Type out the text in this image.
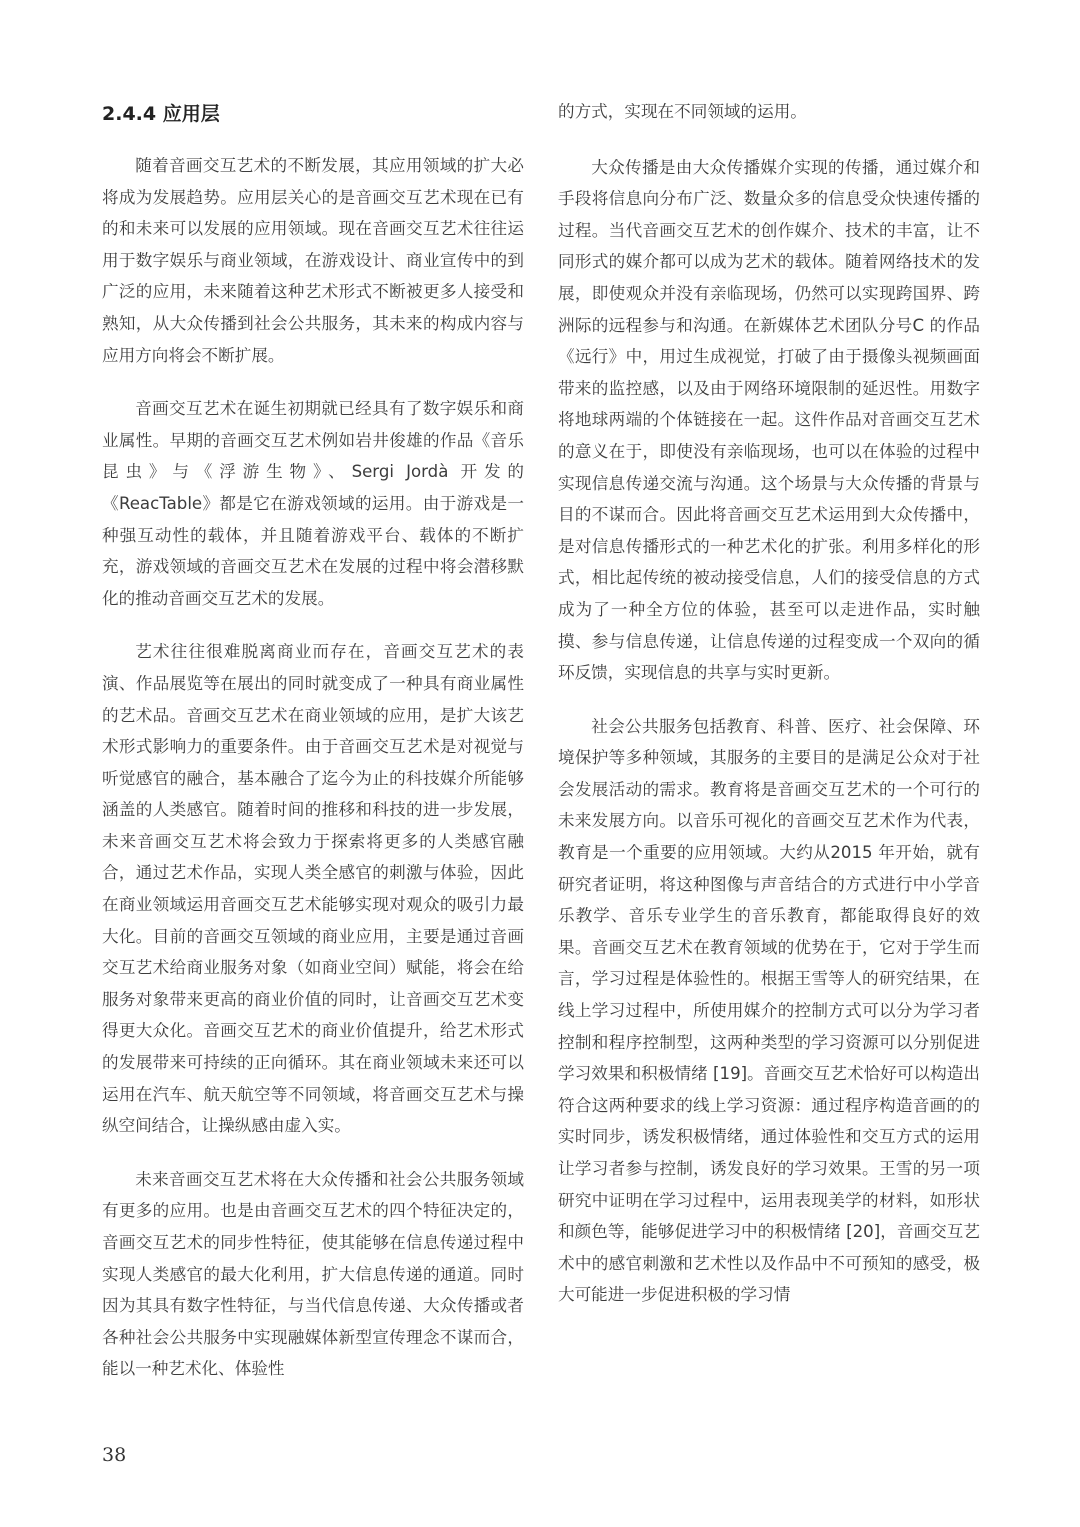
2.4.4 应用层

随着音画交互艺术的不断发展，其应用领域的扩大必将成为发展趋势。应用层关心的是音画交互艺术现在已有的和未来可以发展的应用领域。现在音画交互艺术往往运用于数字娱乐与商业领域，在游戏设计、商业宣传中的到广泛的应用，未来随着这种艺术形式不断被更多人接受和熟知，从大众传播到社会公共服务，其未来的构成内容与应用方向将会不断扩展。

音画交互艺术在诞生初期就已经具有了数字娱乐和商业属性。早期的音画交互艺术例如岩井俊雄的作品《音乐昆虫》与《浮游生物》、Sergi Jordà 开发的《ReacTable》都是它在游戏领域的运用。由于游戏是一种强互动性的载体，并且随着游戏平台、载体的不断扩充，游戏领域的音画交互艺术在发展的过程中将会潜移默化的推动音画交互艺术的发展。

艺术往往很难脱离商业而存在，音画交互艺术的表演、作品展览等在展出的同时就变成了一种具有商业属性的艺术品。音画交互艺术在商业领域的应用，是扩大该艺术形式影响力的重要条件。由于音画交互艺术是对视觉与听觉感官的融合，基本融合了迄今为止的科技媒介所能够涵盖的人类感官。随着时间的推移和科技的进一步发展，未来音画交互艺术将会致力于探索将更多的人类感官融合，通过艺术作品，实现人类全感官的刺激与体验，因此在商业领域运用音画交互艺术能够实现对观众的吸引力最大化。目前的音画交互领域的商业应用，主要是通过音画交互艺术给商业服务对象（如商业空间）赋能，将会在给服务对象带来更高的商业价值的同时，让音画交互艺术变得更大众化。音画交互艺术的商业价值提升，给艺术形式的发展带来可持续的正向循环。其在商业领域未来还可以运用在汽车、航天航空等不同领域，将音画交互艺术与操纵空间结合，让操纵感由虚入实。

未来音画交互艺术将在大众传播和社会公共服务领域有更多的应用。也是由音画交互艺术的四个特征决定的，音画交互艺术的同步性特征，使其能够在信息传递过程中实现人类感官的最大化利用，扩大信息传递的通道。同时因为其具有数字性特征，与当代信息传递、大众传播或者各种社会公共服务中实现融媒体新型宣传理念不谋而合，能以一种艺术化、体验性

的方式，实现在不同领域的运用。

大众传播是由大众传播媒介实现的传播，通过媒介和手段将信息向分布广泛、数量众多的信息受众快速传播的过程。当代音画交互艺术的创作媒介、技术的丰富，让不同形式的媒介都可以成为艺术的载体。随着网络技术的发展，即使观众并没有亲临现场，仍然可以实现跨国界、跨洲际的远程参与和沟通。在新媒体艺术团队分号C 的作品《远行》中，用过生成视觉，打破了由于摄像头视频画面带来的监控感，以及由于网络环境限制的延迟性。用数字将地球两端的个体链接在一起。这件作品对音画交互艺术的意义在于，即使没有亲临现场，也可以在体验的过程中实现信息传递交流与沟通。这个场景与大众传播的背景与目的不谋而合。因此将音画交互艺术运用到大众传播中，是对信息传播形式的一种艺术化的扩张。利用多样化的形式，相比起传统的被动接受信息，人们的接受信息的方式成为了一种全方位的体验，甚至可以走进作品，实时触摸、参与信息传递，让信息传递的过程变成一个双向的循环反馈，实现信息的共享与实时更新。

社会公共服务包括教育、科普、医疗、社会保障、环境保护等多种领域，其服务的主要目的是满足公众对于社会发展活动的需求。教育将是音画交互艺术的一个可行的未来发展方向。以音乐可视化的音画交互艺术作为代表，教育是一个重要的应用领域。大约从2015 年开始，就有研究者证明，将这种图像与声音结合的方式进行中小学音乐教学、音乐专业学生的音乐教育，都能取得良好的效果。音画交互艺术在教育领域的优势在于，它对于学生而言，学习过程是体验性的。根据王雪等人的研究结果，在线上学习过程中，所使用媒介的控制方式可以分为学习者控制和程序控制型，这两种类型的学习资源可以分别促进学习效果和积极情绪 [19]。音画交互艺术恰好可以构造出符合这两种要求的线上学习资源：通过程序构造音画的的实时同步，诱发积极情绪，通过体验性和交互方式的运用让学习者参与控制，诱发良好的学习效果。王雪的另一项研究中证明在学习过程中，运用表现美学的材料，如形状和颜色等，能够促进学习中的积极情绪 [20]，音画交互艺术中的感官刺激和艺术性以及作品中不可预知的感受，极大可能进一步促进积极的学习情

38
